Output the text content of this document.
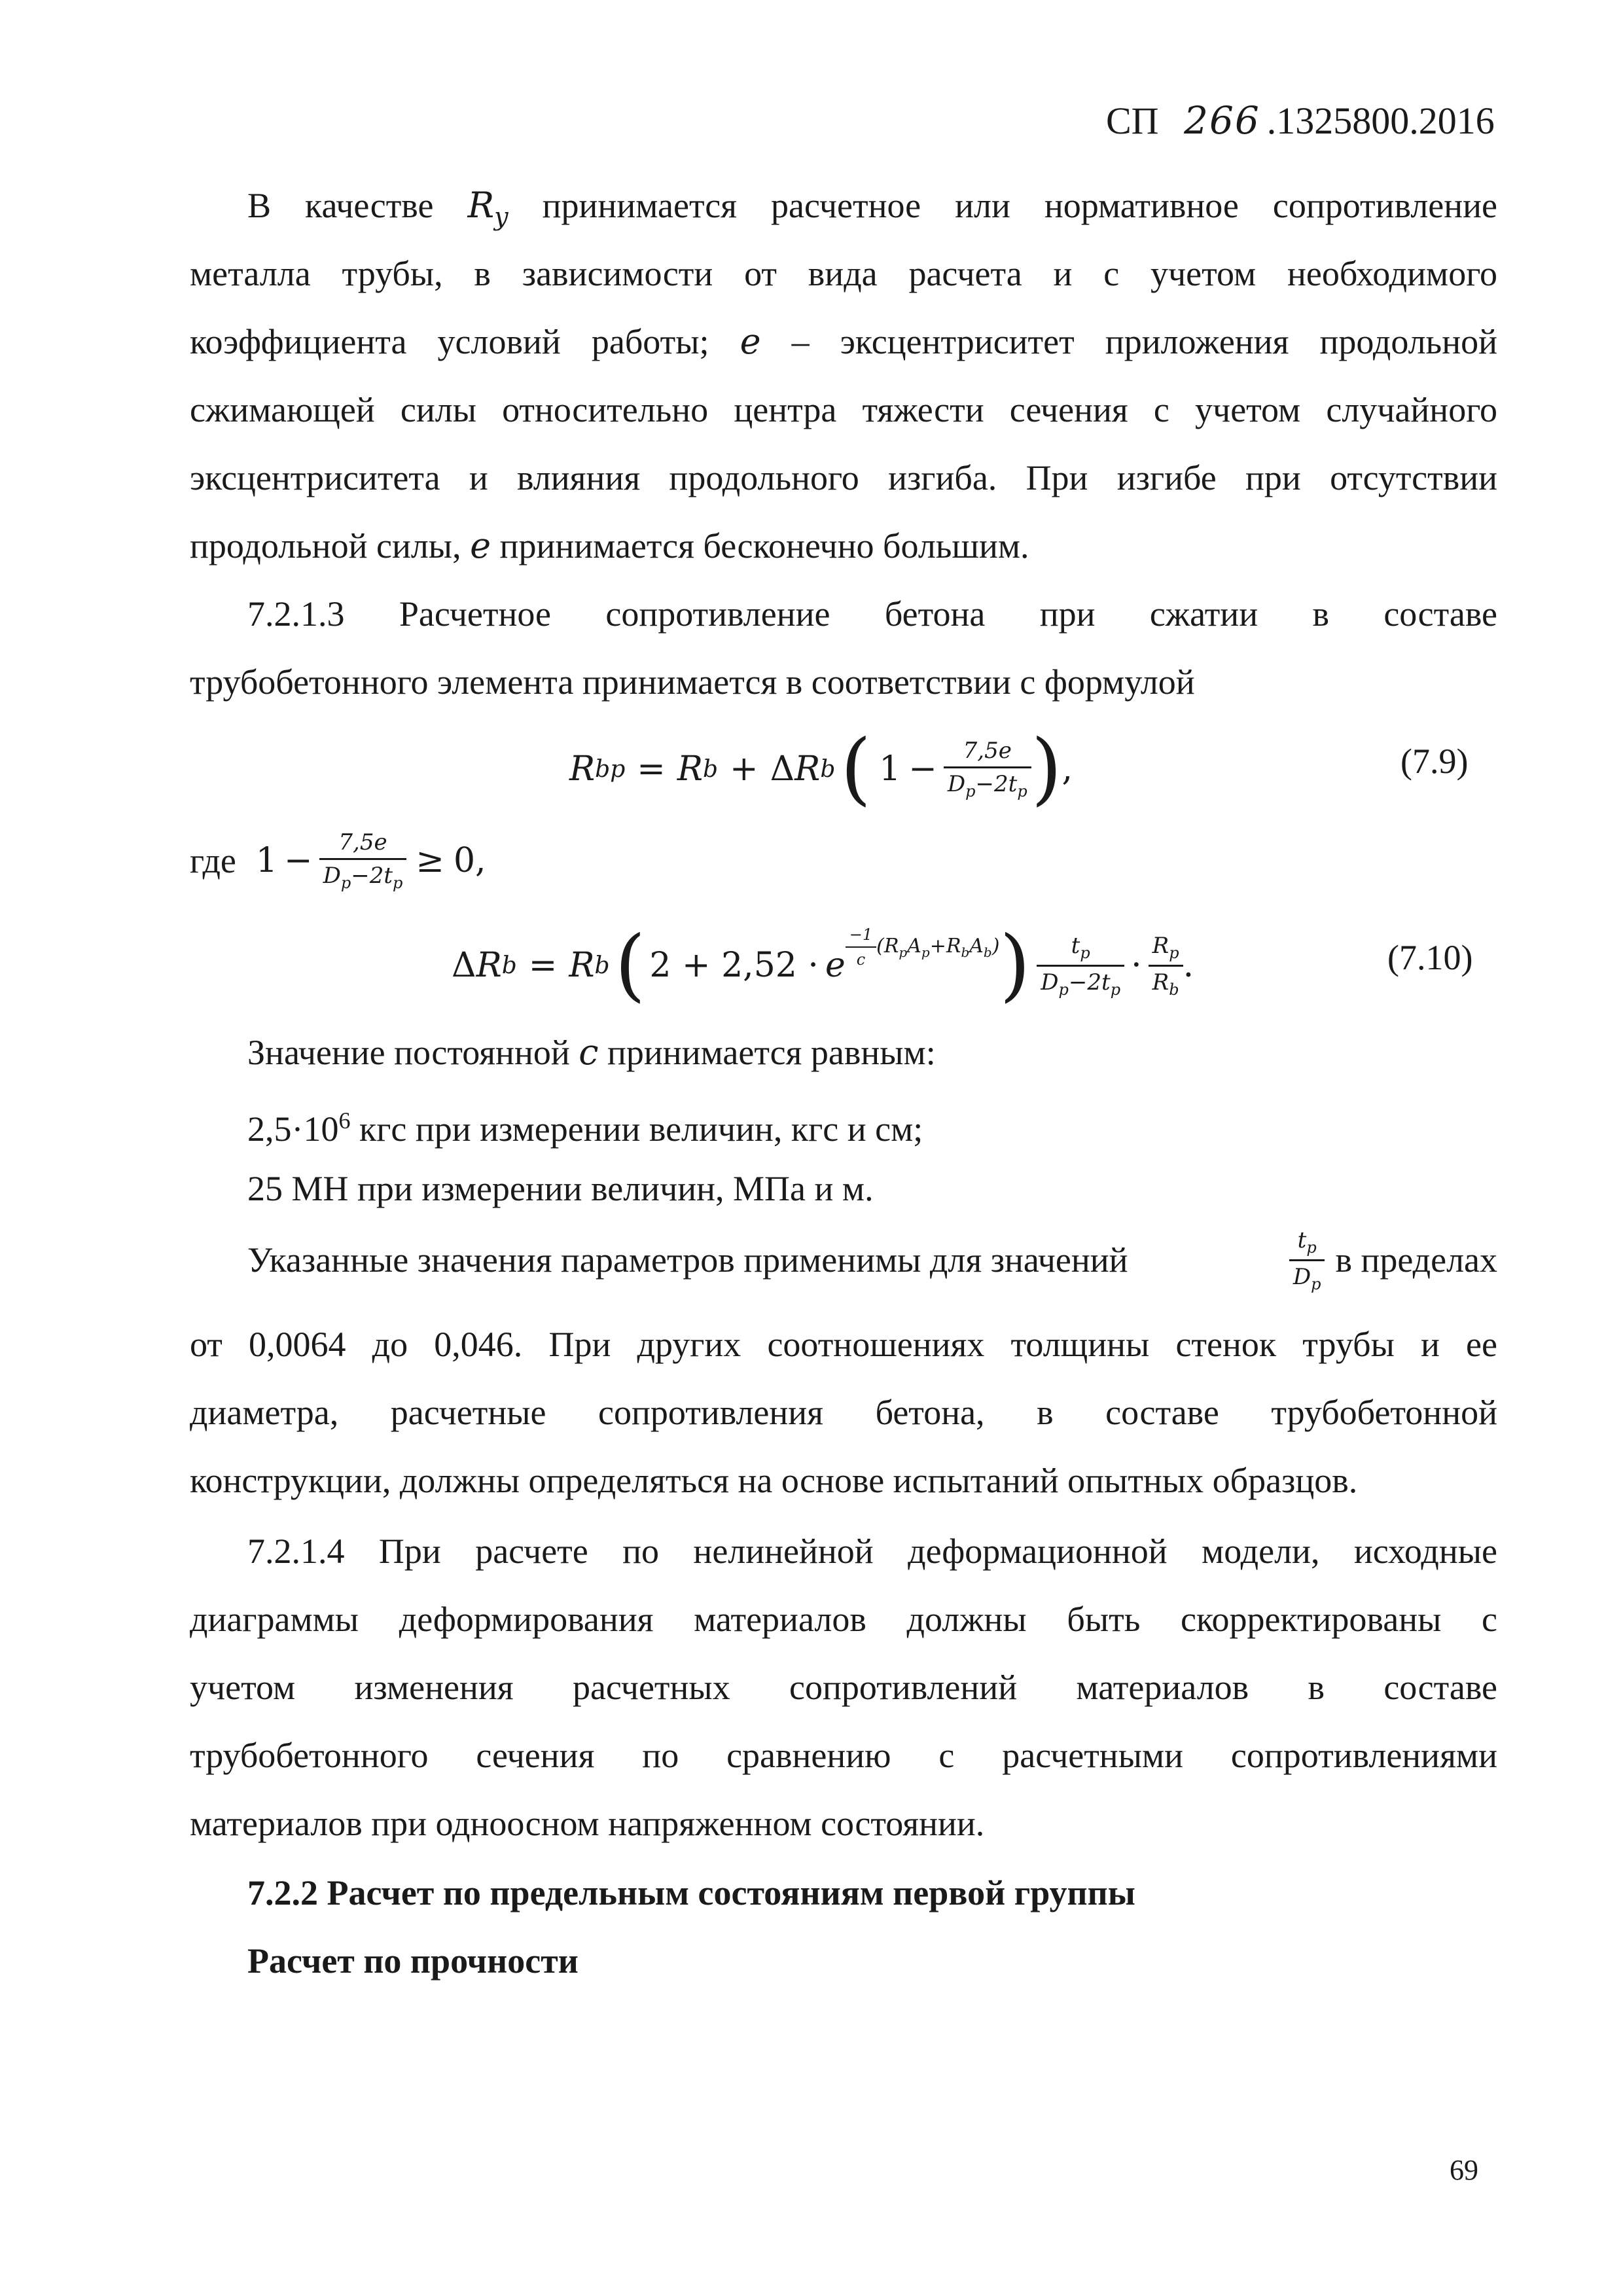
СП 266 .1325800.2016
В качестве $R_y$ принимается расчетное или нормативное сопротивление
металла трубы, в зависимости от вида расчета и с учетом необходимого
коэффициента условий работы; e – эксцентриситет приложения продольной
сжимающей силы относительно центра тяжести сечения с учетом случайного
эксцентриситета и влияния продольного изгиба. При изгибе при отсутствии
продольной силы, e принимается бесконечно большим.
7.2.1.3 Расчетное сопротивление бетона при сжатии в составе
трубобетонного элемента принимается в соответствии с формулой
R bp = R b + Δ R b ( $1 - \frac{7,5e}{D_p-2t_p}$ ) ,	(7.9)
где $1 - \frac{7,5e}{D_p-2t_p} \ge 0$,
Δ R b = R b ( 2 + 2,52 · e $\frac{-1}{c} (R_pA_p+R_bA_b)$ ) $\frac{t_p}{D_p-2t_p} \cdot \frac{R_p}{R_b}$ .	(7.10)
Значение постоянной c принимается равным:
$2,5\cdot 10^6$ кгс при измерении величин, кгс и см;
25 МН при измерении величин, МПа и м.
Указанные значения параметров применимы для значений	$\frac{t_p}{D_p}$ в пределах
от 0,0064 до 0,046. При других соотношениях толщины стенок трубы и ее
диаметра, расчетные сопротивления бетона, в составе трубобетонной
конструкции, должны определяться на основе испытаний опытных образцов.
7.2.1.4 При расчете по нелинейной деформационной модели, исходные
диаграммы деформирования материалов должны быть скорректированы с
учетом изменения расчетных сопротивлений материалов в составе
трубобетонного сечения по сравнению с расчетными сопротивлениями
материалов при одноосном напряженном состоянии.
7.2.2 Расчет по предельным состояниям первой группы
Расчет по прочности
69
